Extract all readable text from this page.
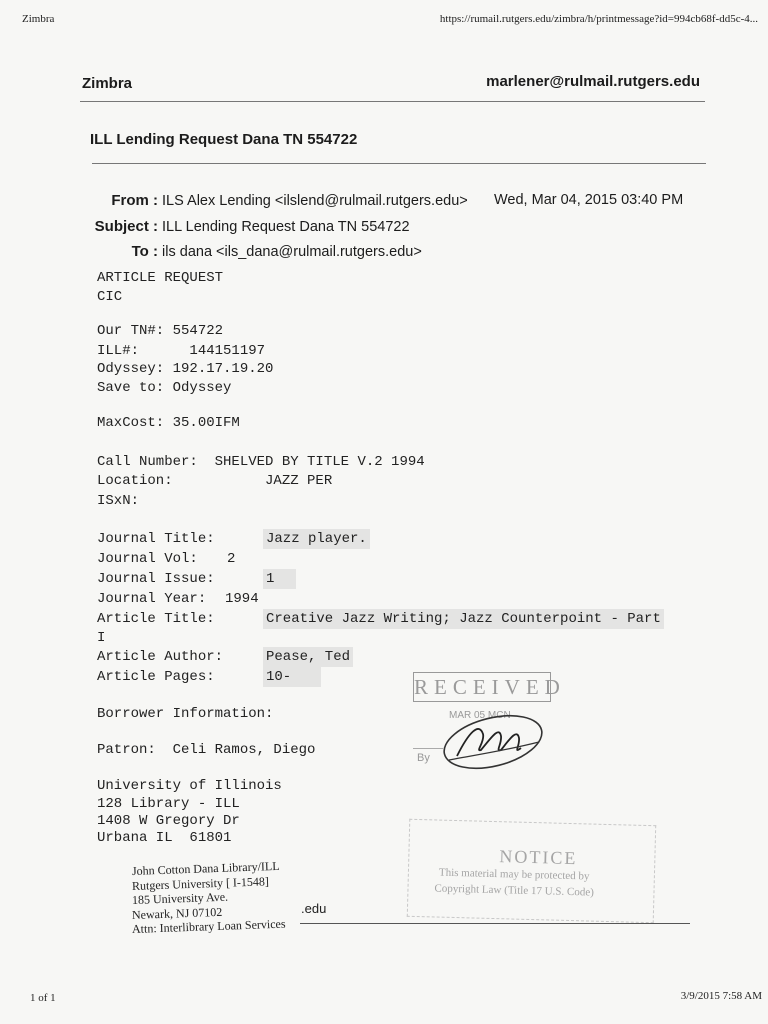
Zimbra	https://rumail.rutgers.edu/zimbra/h/printmessage?id=994cb68f-dd5c-4...
Zimbra	marlener@rulmail.rutgers.edu
ILL Lending Request Dana TN 554722
From : ILS Alex Lending <ilslend@rulmail.rutgers.edu> Wed, Mar 04, 2015 03:40 PM
Subject : ILL Lending Request Dana TN 554722
To : ils dana <ils_dana@rulmail.rutgers.edu>
ARTICLE REQUEST
CIC
Our TN#: 554722
ILL#:      144151197
Odyssey: 192.17.19.20
Save to: Odyssey
MaxCost: 35.00IFM
Call Number:  SHELVED BY TITLE V.2 1994
Location:           JAZZ PER
ISxN:
Journal Title:	Jazz player.
Journal Vol: 2
Journal Issue:	1
Journal Year: 1994
Article Title:	Creative Jazz Writing; Jazz Counterpoint - Part
I
Article Author:	Pease, Ted
Article Pages:	10-
Borrower Information:
Patron:  Celi Ramos, Diego
University of Illinois
128 Library - ILL
1408 W Gregory Dr
Urbana IL  61801
RECEIVED
MAR 05 MCN
By
NOTICE
This material may be protected by
Copyright Law (Title 17 U.S. Code)
John Cotton Dana Library/ILL
Rutgers University [ I-1548]
185 University Ave.
Newark, NJ 07102
Attn: Interlibrary Loan Services
.edu
1 of 1	3/9/2015 7:58 AM
